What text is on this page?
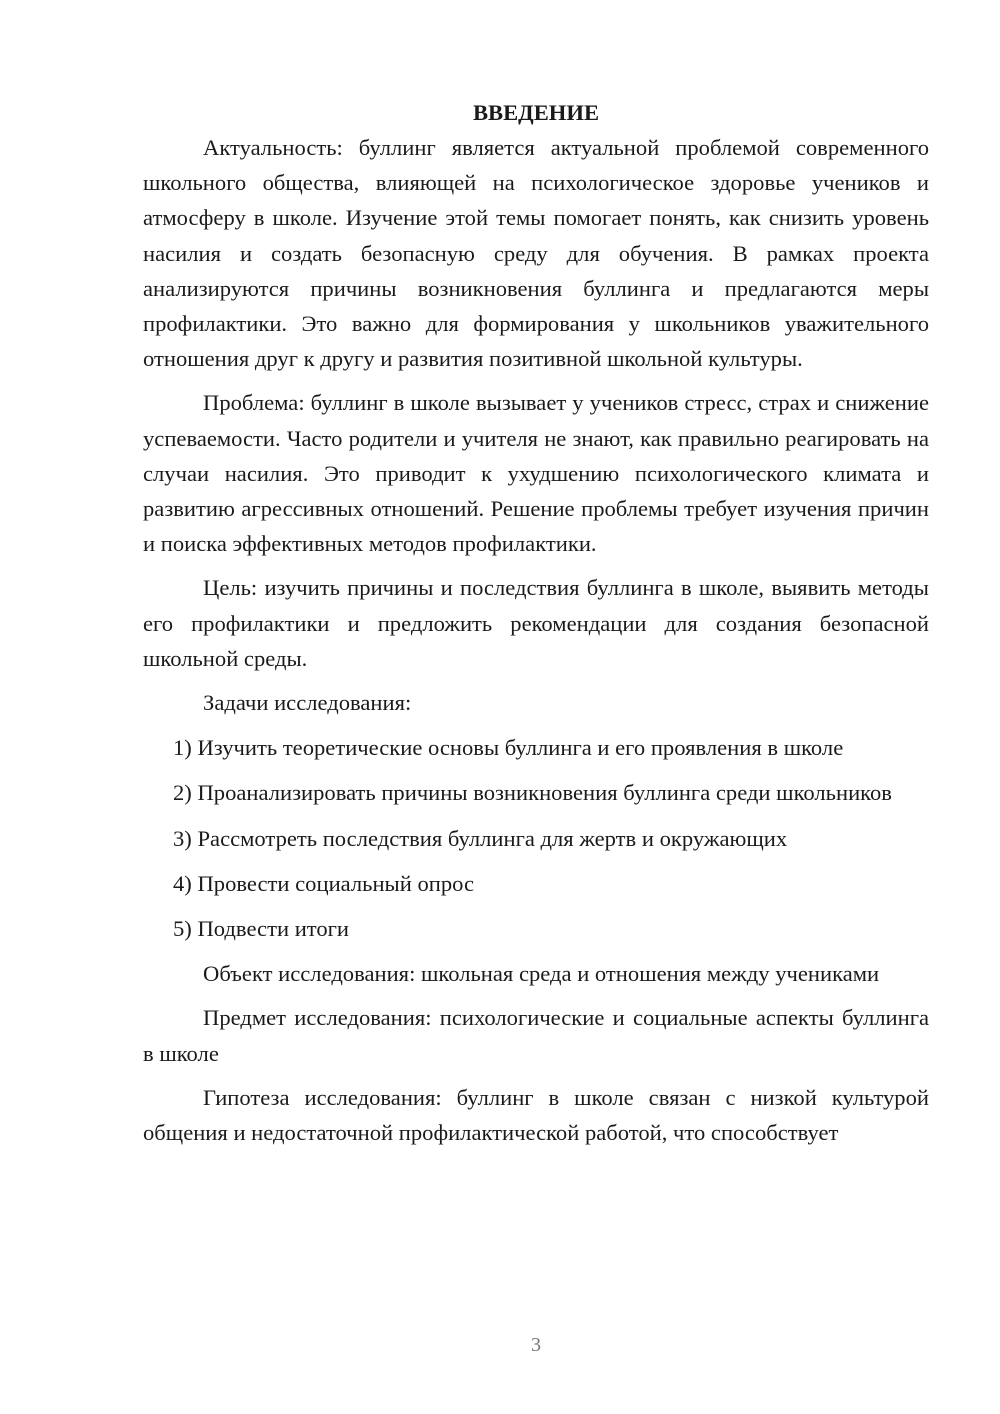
ВВЕДЕНИЕ

Актуальность: буллинг является актуальной проблемой современного школьного общества, влияющей на психологическое здоровье учеников и атмосферу в школе. Изучение этой темы помогает понять, как снизить уровень насилия и создать безопасную среду для обучения. В рамках проекта анализируются причины возникновения буллинга и предлагаются меры профилактики. Это важно для формирования у школьников уважительного отношения друг к другу и развития позитивной школьной культуры.

Проблема: буллинг в школе вызывает у учеников стресс, страх и снижение успеваемости. Часто родители и учителя не знают, как правильно реагировать на случаи насилия. Это приводит к ухудшению психологического климата и развитию агрессивных отношений. Решение проблемы требует изучения причин и поиска эффективных методов профилактики.

Цель: изучить причины и последствия буллинга в школе, выявить методы его профилактики и предложить рекомендации для создания безопасной школьной среды.

Задачи исследования:

1) Изучить теоретические основы буллинга и его проявления в школе

2) Проанализировать причины возникновения буллинга среди школьников

3) Рассмотреть последствия буллинга для жертв и окружающих

4) Провести социальный опрос

5) Подвести итоги

Объект исследования: школьная среда и отношения между учениками

Предмет исследования: психологические и социальные аспекты буллинга в школе

Гипотеза исследования: буллинг в школе связан с низкой культурой общения и недостаточной профилактической работой, что способствует

3
